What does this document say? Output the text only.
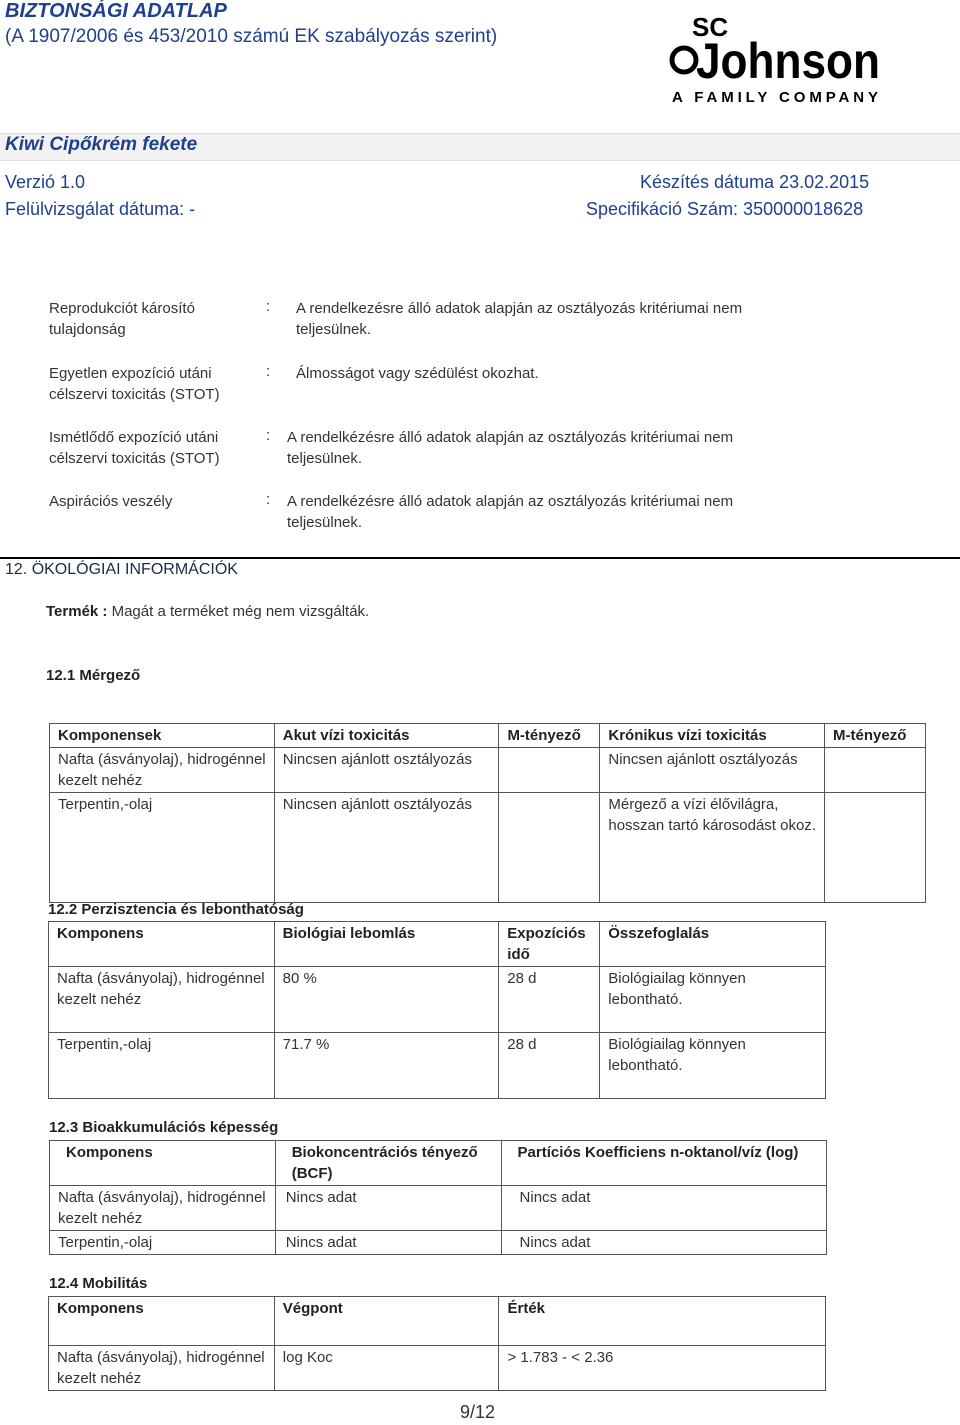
BIZTONSÁGI ADATLAP
(A 1907/2006 és 453/2010 számú EK szabályozás szerint)	SC
Johnson
A FAMILY COMPANY
Kiwi Cipőkrém fekete
Verzió 1.0	Készítés dátuma 23.02.2015
Felülvizsgálat dátuma: -	Specifikáció Szám: 350000018628
Reprodukciót károsító tulajdonság
: A rendelkezésre álló adatok alapján az osztályozás kritériumai nem teljesülnek.
Egyetlen expozíció utáni célszervi toxicitás (STOT)
: Álmosságot vagy szédülést okozhat.
Ismétlődő expozíció utáni célszervi toxicitás (STOT)
: A rendelkézésre álló adatok alapján az osztályozás kritériumai nem teljesülnek.
Aspirációs veszély	: A rendelkézésre álló adatok alapján az osztályozás kritériumai nem teljesülnek.
12. ÖKOLÓGIAI INFORMÁCIÓK
Termék : Magát a terméket még nem vizsgálták.
12.1 Mérgező
Komponensek	Akut vízi toxicitás	M-tényező	Krónikus vízi toxicitás	M-tényező
Nafta (ásványolaj), hidrogénnel kezelt nehéz	Nincsen ajánlott osztályozás		Nincsen ajánlott osztályozás	
Terpentin,-olaj	Nincsen ajánlott osztályozás		Mérgező a vízi élővilágra, hosszan tartó károsodást okoz.	
12.2 Perzisztencia és lebonthatóság
Komponens	Biológiai lebomlás	Expozíciós idő	Összefoglalás
Nafta (ásványolaj), hidrogénnel kezelt nehéz	80 %	28 d	Biológiailag könnyen lebontható.
Terpentin,-olaj	71.7 %	28 d	Biológiailag könnyen lebontható.
12.3 Bioakkumulációs képesség
Komponens	Biokoncentrációs tényező (BCF)	Partíciós Koefficiens n-oktanol/víz (log)
Nafta (ásványolaj), hidrogénnel kezelt nehéz	Nincs adat	Nincs adat
Terpentin,-olaj	Nincs adat	Nincs adat
12.4 Mobilitás
Komponens	Végpont	Érték
Nafta (ásványolaj), hidrogénnel kezelt nehéz	log Koc	> 1.783 - < 2.36
9/12
